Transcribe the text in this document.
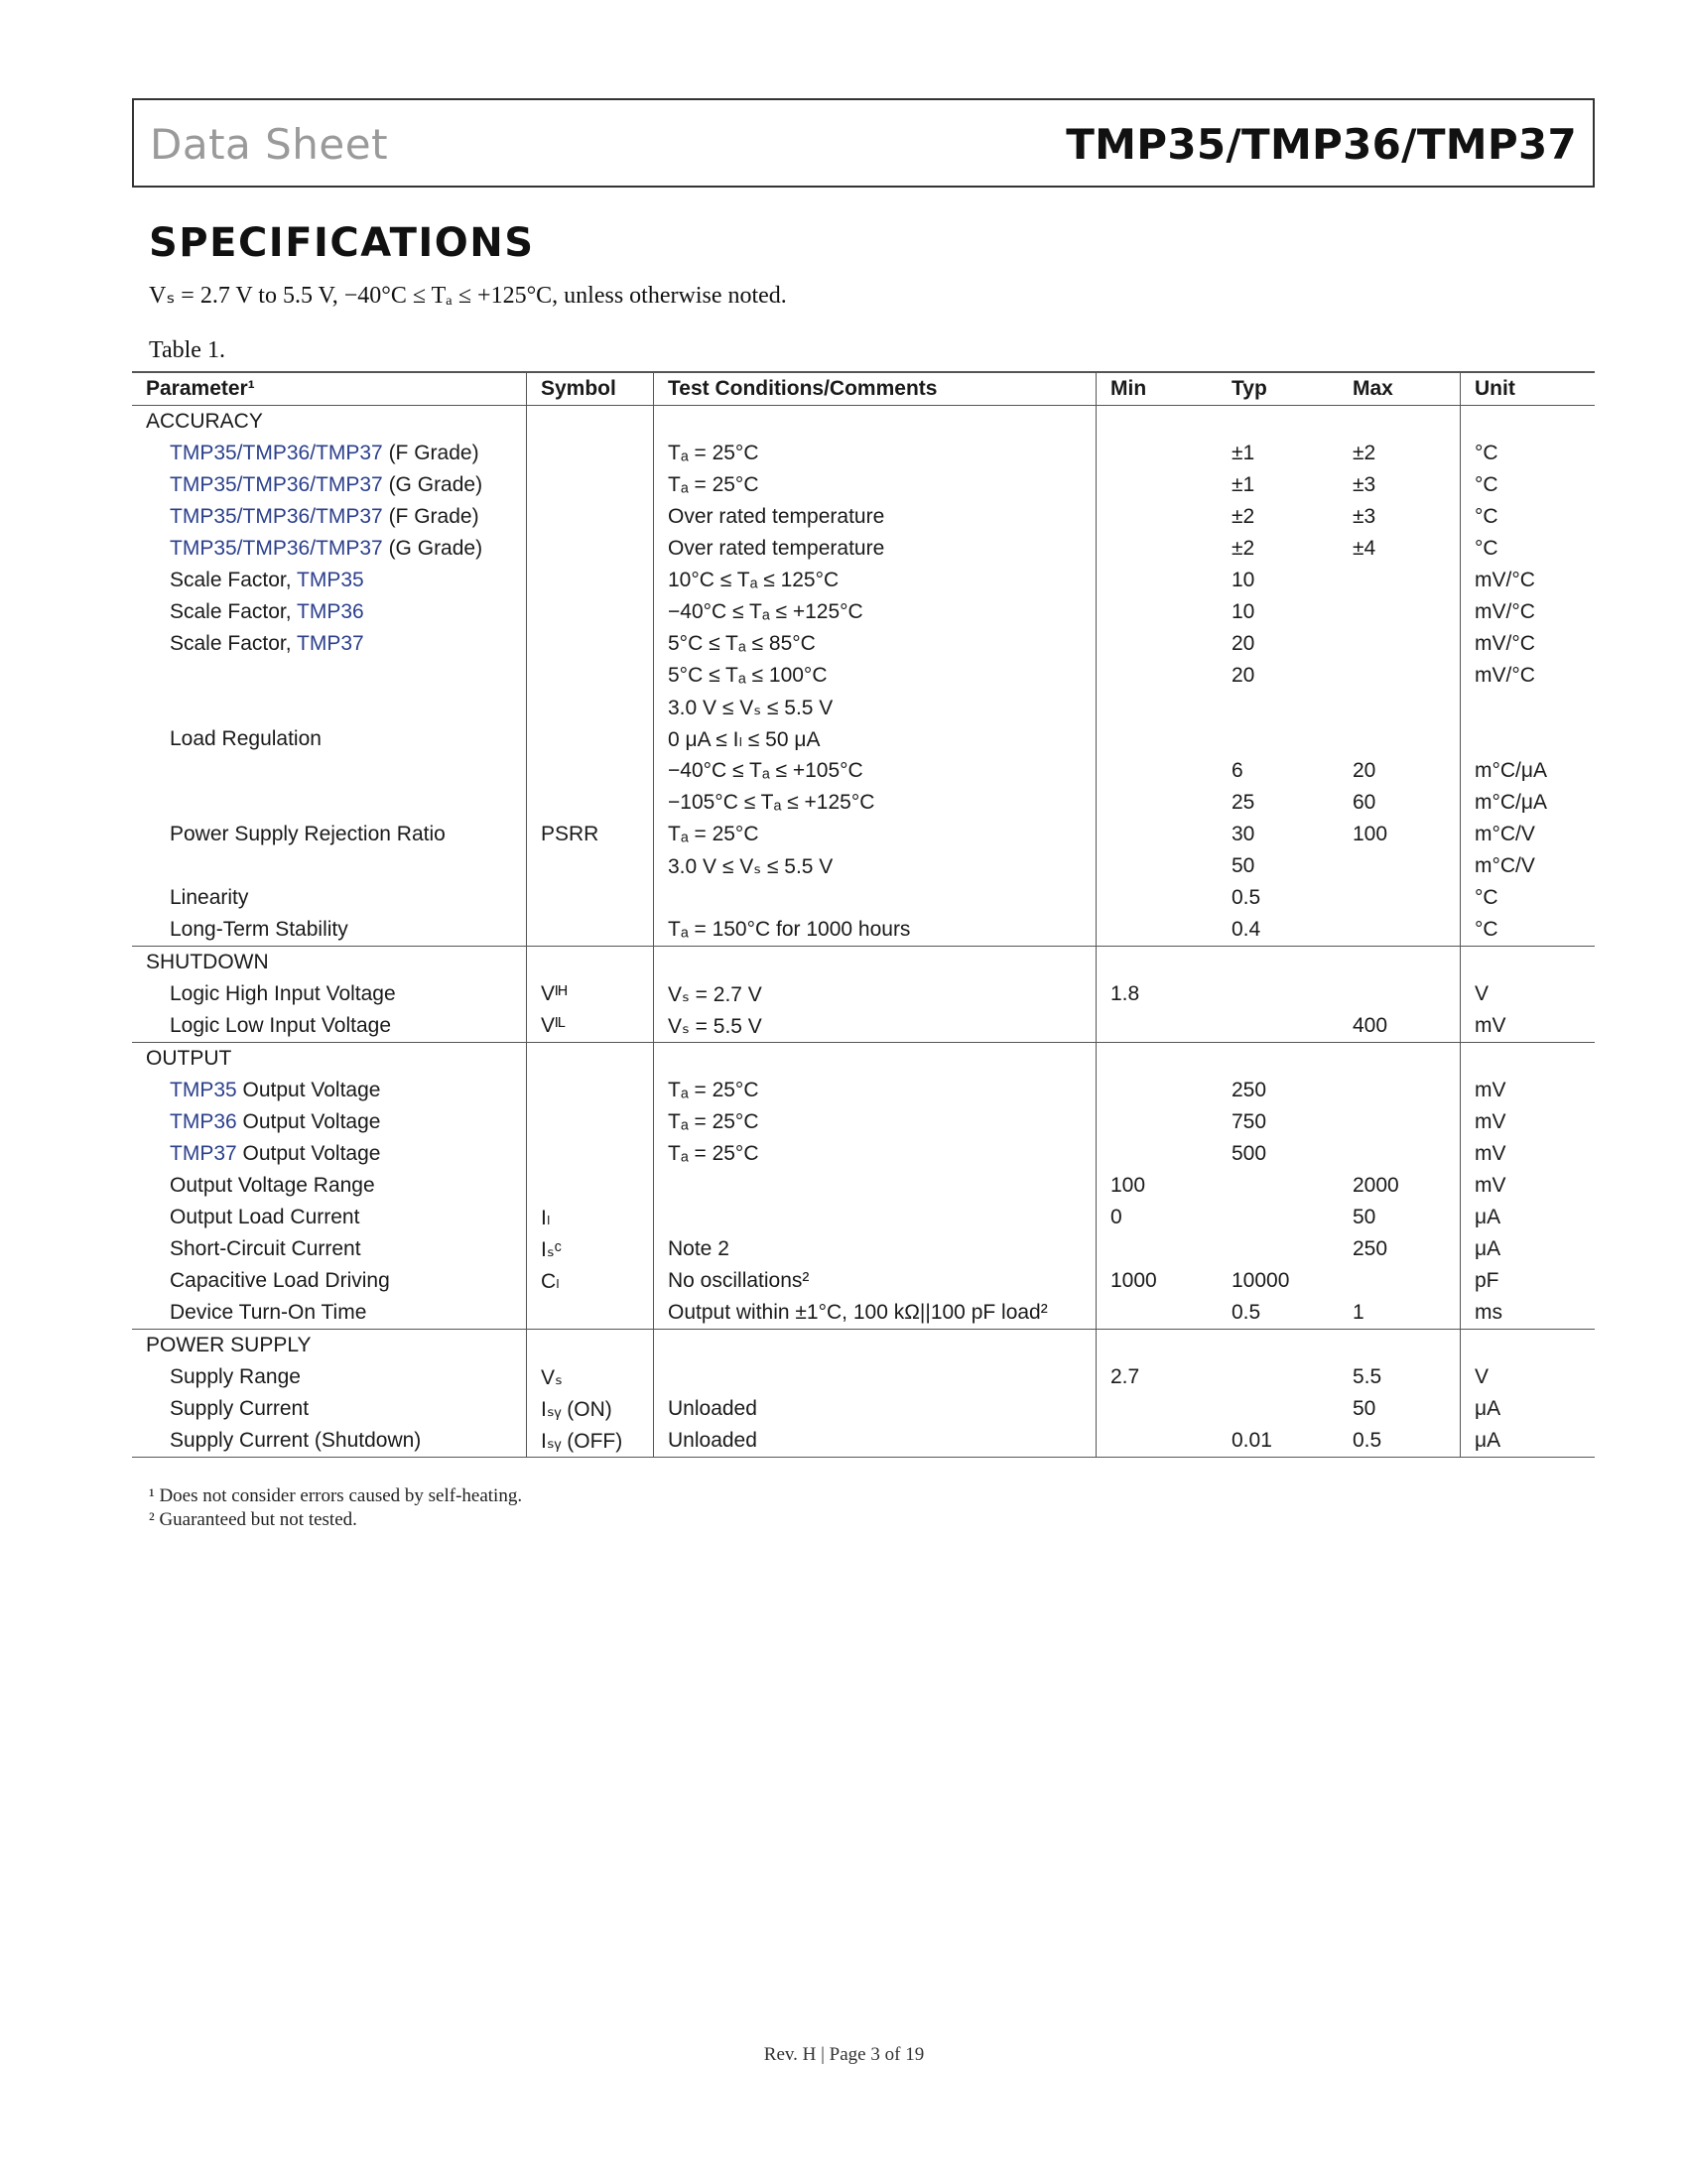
Data Sheet	TMP35/TMP36/TMP37
SPECIFICATIONS
Vₛ = 2.7 V to 5.5 V, −40°C ≤ Tₐ ≤ +125°C, unless otherwise noted.
Table 1.
Parameter¹	Symbol	Test Conditions/Comments	Min	Typ	Max	Unit
ACCURACY						
TMP35/TMP36/TMP37 (F Grade)		Tₐ = 25°C		±1	±2	°C
TMP35/TMP36/TMP37 (G Grade)		Tₐ = 25°C		±1	±3	°C
TMP35/TMP36/TMP37 (F Grade)		Over rated temperature		±2	±3	°C
TMP35/TMP36/TMP37 (G Grade)		Over rated temperature		±2	±4	°C
Scale Factor, TMP35		10°C ≤ Tₐ ≤ 125°C		10		mV/°C
Scale Factor, TMP36		−40°C ≤ Tₐ ≤ +125°C		10		mV/°C
Scale Factor, TMP37		5°C ≤ Tₐ ≤ 85°C		20		mV/°C
		5°C ≤ Tₐ ≤ 100°C		20		mV/°C
		3.0 V ≤ Vₛ ≤ 5.5 V				
Load Regulation		0 μA ≤ Iₗ ≤ 50 μA				
		−40°C ≤ Tₐ ≤ +105°C		6	20	m°C/μA
		−105°C ≤ Tₐ ≤ +125°C		25	60	m°C/μA
Power Supply Rejection Ratio	PSRR	Tₐ = 25°C		30	100	m°C/V
		3.0 V ≤ Vₛ ≤ 5.5 V		50		m°C/V
Linearity				0.5		°C
Long-Term Stability		Tₐ = 150°C for 1000 hours		0.4		°C
SHUTDOWN						
Logic High Input Voltage	Vᴵᴴ	Vₛ = 2.7 V	1.8			V
Logic Low Input Voltage	Vᴵᴸ	Vₛ = 5.5 V			400	mV
OUTPUT						
TMP35 Output Voltage		Tₐ = 25°C		250		mV
TMP36 Output Voltage		Tₐ = 25°C		750		mV
TMP37 Output Voltage		Tₐ = 25°C		500		mV
Output Voltage Range			100		2000	mV
Output Load Current	Iₗ		0		50	μA
Short-Circuit Current	Iₛᶜ	Note 2			250	μA
Capacitive Load Driving	Cₗ	No oscillations²	1000	10000		pF
Device Turn-On Time		Output within ±1°C, 100 kΩ||100 pF load²		0.5	1	ms
POWER SUPPLY						
Supply Range	Vₛ		2.7		5.5	V
Supply Current	Iₛᵧ (ON)	Unloaded			50	μA
Supply Current (Shutdown)	Iₛᵧ (OFF)	Unloaded		0.01	0.5	μA
¹ Does not consider errors caused by self-heating.
² Guaranteed but not tested.
Rev. H | Page 3 of 19
